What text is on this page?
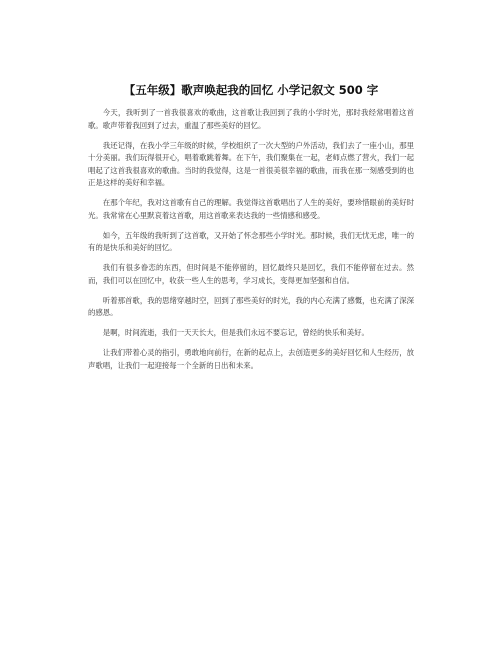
【五年级】歌声唤起我的回忆 小学记叙文 500 字

今天，我听到了一首我很喜欢的歌曲，这首歌让我回到了我的小学时光，那时我经常唱着这首歌。歌声带着我回到了过去，重温了那些美好的回忆。

我还记得，在我小学三年级的时候，学校组织了一次大型的户外活动，我们去了一座小山，那里十分美丽。我们玩得很开心，唱着歌跳着舞。在下午，我们聚集在一起，老师点燃了营火，我们一起唱起了这首我很喜欢的歌曲。当时的我觉得，这是一首很美很幸福的歌曲，而我在那一刻感受到的也正是这样的美好和幸福。

在那个年纪，我对这首歌有自己的理解。我觉得这首歌唱出了人生的美好，要珍惜眼前的美好时光。我常常在心里默哀着这首歌，用这首歌来表达我的一些情感和感受。

如今，五年级的我听到了这首歌，又开始了怀念那些小学时光。那时候，我们无忧无虑，唯一的有的是快乐和美好的回忆。

我们有很多眷恋的东西，但时间是不能停留的，回忆最终只是回忆，我们不能停留在过去。然而，我们可以在回忆中，收获一些人生的思考，学习成长，变得更加坚强和自信。

听着那首歌，我的思绪穿越时空，回到了那些美好的时光，我的内心充满了感慨，也充满了深深的感恩。

是啊，时间流逝，我们一天天长大，但是我们永远不要忘记，曾经的快乐和美好。

让我们带着心灵的指引，勇敢地向前行，在新的起点上，去创造更多的美好回忆和人生经历，放声歌唱，让我们一起迎接每一个全新的日出和未来。
